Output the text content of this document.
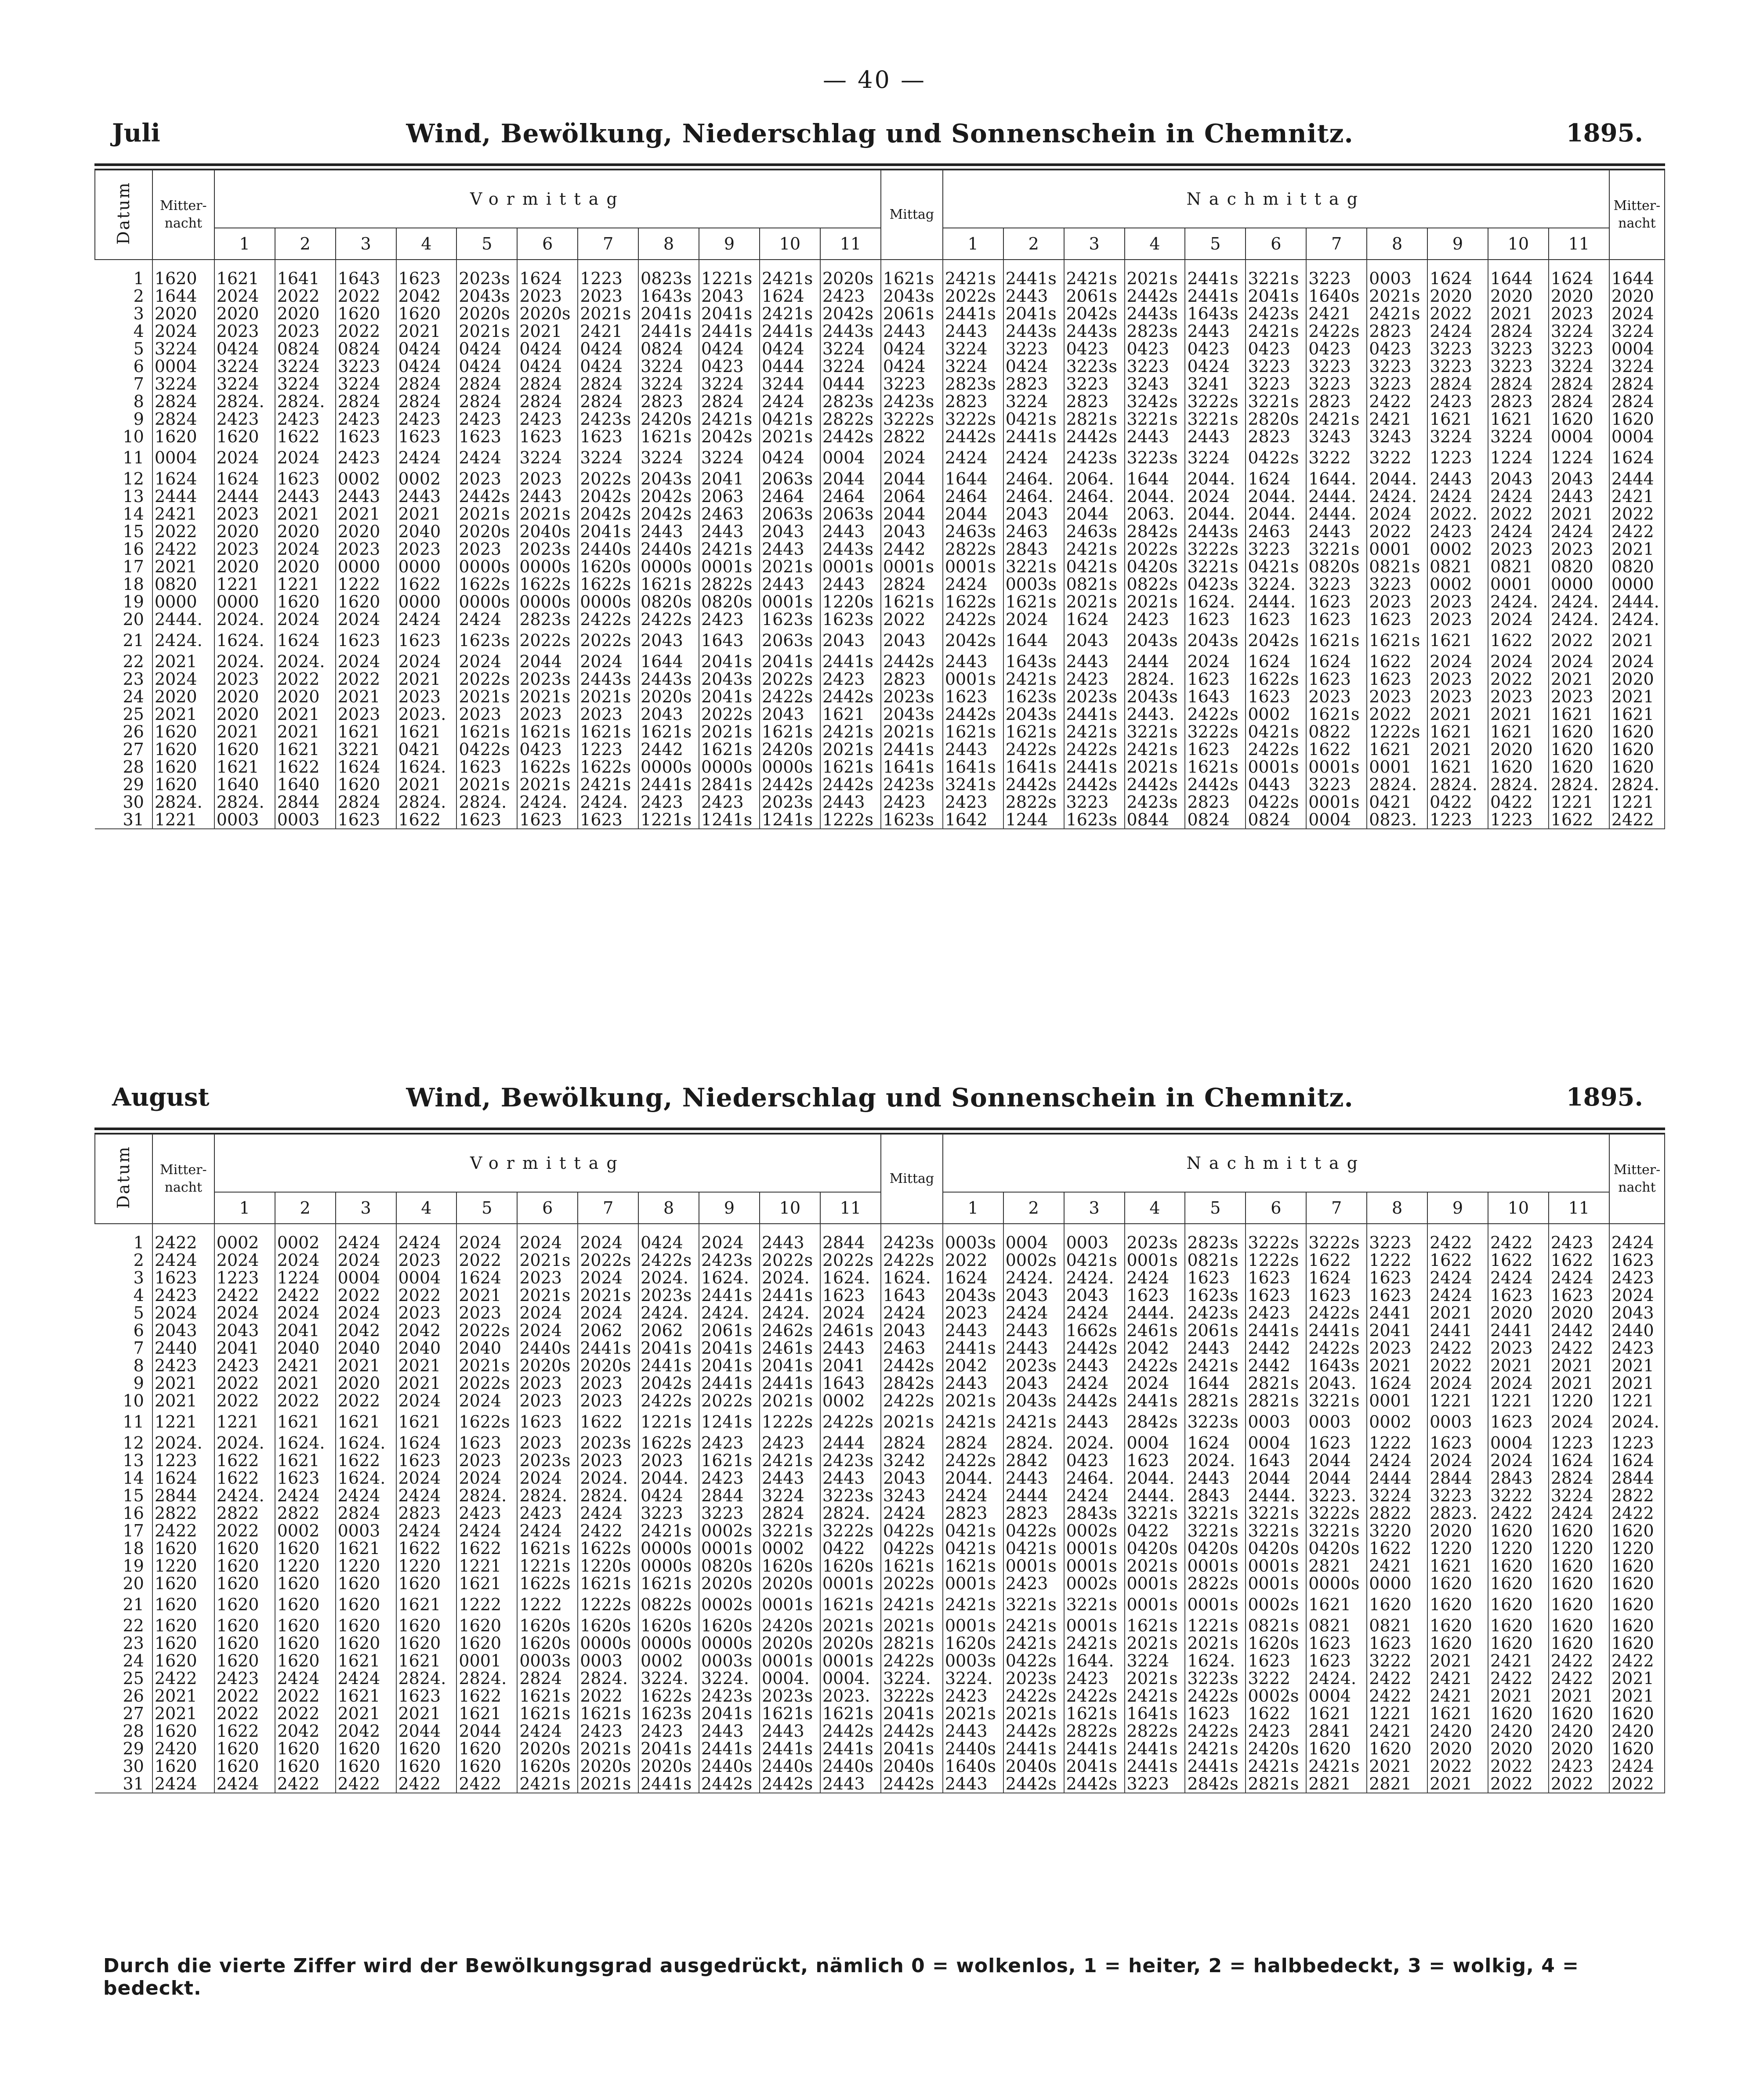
— 40 —
Juli	Wind, Bewölkung, Niederschlag und Sonnenschein in Chemnitz.	1895.
Datum	Mitter-
nacht	Vormittag											Mittag	Nachmittag											Mitter-
nacht
		1	2	3	4	5	6	7	8	9	10	11		1	2	3	4	5	6	7	8	9	10	11	
1	1620	1621	1641	1643	1623	2023s	1624	1223	0823s	1221s	2421s	2020s	1621s	2421s	2441s	2421s	2021s	2441s	3221s	3223	0003	1624	1644	1624	1644
2	1644	2024	2022	2022	2042	2043s	2023	2023	1643s	2043	1624	2423	2043s	2022s	2443	2061s	2442s	2441s	2041s	1640s	2021s	2020	2020	2020	2020
3	2020	2020	2020	1620	1620	2020s	2020s	2021s	2041s	2041s	2421s	2042s	2061s	2441s	2041s	2042s	2443s	1643s	2423s	2421	2421s	2022	2021	2023	2024
4	2024	2023	2023	2022	2021	2021s	2021	2421	2441s	2441s	2441s	2443s	2443	2443	2443s	2443s	2823s	2443	2421s	2422s	2823	2424	2824	3224	3224
5	3224	0424	0824	0824	0424	0424	0424	0424	0824	0424	0424	3224	0424	3224	3223	0423	0423	0423	0423	0423	0423	3223	3223	3223	0004
6	0004	3224	3224	3223	0424	0424	0424	0424	3224	0423	0444	3224	0424	3224	0424	3223s	3223	0424	3223	3223	3223	3223	3223	3224	3224
7	3224	3224	3224	3224	2824	2824	2824	2824	3224	3224	3244	0444	3223	2823s	2823	3223	3243	3241	3223	3223	3223	2824	2824	2824	2824
8	2824	2824.	2824.	2824	2824	2824	2824	2824	2823	2824	2424	2823s	2423s	2823	3224	2823	3242s	3222s	3221s	2823	2422	2423	2823	2824	2824
9	2824	2423	2423	2423	2423	2423	2423	2423s	2420s	2421s	0421s	2822s	3222s	3222s	0421s	2821s	3221s	3221s	2820s	2421s	2421	1621	1621	1620	1620
10	1620	1620	1622	1623	1623	1623	1623	1623	1621s	2042s	2021s	2442s	2822	2442s	2441s	2442s	2443	2443	2823	3243	3243	3224	3224	0004	0004
11	0004	2024	2024	2423	2424	2424	3224	3224	3224	3224	0424	0004	2024	2424	2424	2423s	3223s	3224	0422s	3222	3222	1223	1224	1224	1624
12	1624	1624	1623	0002	0002	2023	2023	2022s	2043s	2041	2063s	2044	2044	1644	2464.	2064.	1644	2044.	1624	1644.	2044.	2443	2043	2043	2444
13	2444	2444	2443	2443	2443	2442s	2443	2042s	2042s	2063	2464	2464	2064	2464	2464.	2464.	2044.	2024	2044.	2444.	2424.	2424	2424	2443	2421
14	2421	2023	2021	2021	2021	2021s	2021s	2042s	2042s	2463	2063s	2063s	2044	2044	2043	2044	2063.	2044.	2044.	2444.	2024	2022.	2022	2021	2022
15	2022	2020	2020	2020	2040	2020s	2040s	2041s	2443	2443	2043	2443	2043	2463s	2463	2463s	2842s	2443s	2463	2443	2022	2423	2424	2424	2422
16	2422	2023	2024	2023	2023	2023	2023s	2440s	2440s	2421s	2443	2443s	2442	2822s	2843	2421s	2022s	3222s	3223	3221s	0001	0002	2023	2023	2021
17	2021	2020	2020	0000	0000	0000s	0000s	1620s	0000s	0001s	2021s	0001s	0001s	0001s	3221s	0421s	0420s	3221s	0421s	0820s	0821s	0821	0821	0820	0820
18	0820	1221	1221	1222	1622	1622s	1622s	1622s	1621s	2822s	2443	2443	2824	2424	0003s	0821s	0822s	0423s	3224.	3223	3223	0002	0001	0000	0000
19	0000	0000	1620	1620	0000	0000s	0000s	0000s	0820s	0820s	0001s	1220s	1621s	1622s	1621s	2021s	2021s	1624.	2444.	1623	2023	2023	2424.	2424.	2444.
20	2444.	2024.	2024	2024	2424	2424	2823s	2422s	2422s	2423	1623s	1623s	2022	2422s	2024	1624	2423	1623	1623	1623	1623	2023	2024	2424.	2424.
21	2424.	1624.	1624	1623	1623	1623s	2022s	2022s	2043	1643	2063s	2043	2043	2042s	1644	2043	2043s	2043s	2042s	1621s	1621s	1621	1622	2022	2021
22	2021	2024.	2024.	2024	2024	2024	2044	2024	1644	2041s	2041s	2441s	2442s	2443	1643s	2443	2444	2024	1624	1624	1622	2024	2024	2024	2024
23	2024	2023	2022	2022	2021	2022s	2023s	2443s	2443s	2043s	2022s	2423	2823	0001s	2421s	2423	2824.	1623	1622s	1623	1623	2023	2022	2021	2020
24	2020	2020	2020	2021	2023	2021s	2021s	2021s	2020s	2041s	2422s	2442s	2023s	1623	1623s	2023s	2043s	1643	1623	2023	2023	2023	2023	2023	2021
25	2021	2020	2021	2023	2023.	2023	2023	2023	2043	2022s	2043	1621	2043s	2442s	2043s	2441s	2443.	2422s	0002	1621s	2022	2021	2021	1621	1621
26	1620	2021	2021	1621	1621	1621s	1621s	1621s	1621s	2021s	1621s	2421s	2021s	1621s	1621s	2421s	3221s	3222s	0421s	0822	1222s	1621	1621	1620	1620
27	1620	1620	1621	3221	0421	0422s	0423	1223	2442	1621s	2420s	2021s	2441s	2443	2422s	2422s	2421s	1623	2422s	1622	1621	2021	2020	1620	1620
28	1620	1621	1622	1624	1624.	1623	1622s	1622s	0000s	0000s	0000s	1621s	1641s	1641s	1641s	2441s	2021s	1621s	0001s	0001s	0001	1621	1620	1620	1620
29	1620	1640	1640	1620	2021	2021s	2021s	2421s	2441s	2841s	2442s	2442s	2423s	3241s	2442s	2442s	2442s	2442s	0443	3223	2824.	2824.	2824.	2824.	2824.
30	2824.	2824.	2844	2824	2824.	2824.	2424.	2424.	2423	2423	2023s	2443	2423	2423	2822s	3223	2423s	2823	0422s	0001s	0421	0422	0422	1221	1221
31	1221	0003	0003	1623	1622	1623	1623	1623	1221s	1241s	1241s	1222s	1623s	1642	1244	1623s	0844	0824	0824	0004	0823.	1223	1223	1622	2422
August	Wind, Bewölkung, Niederschlag und Sonnenschein in Chemnitz.	1895.
Datum	Mitter-
nacht	Vormittag											Mittag	Nachmittag											Mitter-
nacht
		1	2	3	4	5	6	7	8	9	10	11		1	2	3	4	5	6	7	8	9	10	11	
1	2422	0002	0002	2424	2424	2024	2024	2024	0424	2024	2443	2844	2423s	0003s	0004	0003	2023s	2823s	3222s	3222s	3223	2422	2422	2423	2424
2	2424	2024	2024	2024	2023	2022	2021s	2022s	2422s	2423s	2022s	2022s	2422s	2022	0002s	0421s	0001s	0821s	1222s	1622	1222	1622	1622	1622	1623
3	1623	1223	1224	0004	0004	1624	2023	2024	2024.	1624.	2024.	1624.	1624.	1624	2424.	2424.	2424	1623	1623	1624	1623	2424	2424	2424	2423
4	2423	2422	2422	2022	2022	2021	2021s	2021s	2023s	2441s	2441s	1623	1643	2043s	2043	2043	1623	1623s	1623	1623	1623	2424	1623	1623	2024
5	2024	2024	2024	2024	2023	2023	2024	2024	2424.	2424.	2424.	2024	2424	2023	2424	2424	2444.	2423s	2423	2422s	2441	2021	2020	2020	2043
6	2043	2043	2041	2042	2042	2022s	2024	2062	2062	2061s	2462s	2461s	2043	2443	2443	1662s	2461s	2061s	2441s	2441s	2041	2441	2441	2442	2440
7	2440	2041	2040	2040	2040	2040	2440s	2441s	2041s	2041s	2461s	2443	2463	2441s	2443	2442s	2042	2443	2442	2422s	2023	2422	2023	2422	2423
8	2423	2423	2421	2021	2021	2021s	2020s	2020s	2441s	2041s	2041s	2041	2442s	2042	2023s	2443	2422s	2421s	2442	1643s	2021	2022	2021	2021	2021
9	2021	2022	2021	2020	2021	2022s	2023	2023	2042s	2441s	2441s	1643	2842s	2443	2043	2424	2024	1644	2821s	2043.	1624	2024	2024	2021	2021
10	2021	2022	2022	2022	2024	2024	2023	2023	2422s	2022s	2021s	0002	2422s	2021s	2043s	2442s	2441s	2821s	2821s	3221s	0001	1221	1221	1220	1221
11	1221	1221	1621	1621	1621	1622s	1623	1622	1221s	1241s	1222s	2422s	2021s	2421s	2421s	2443	2842s	3223s	0003	0003	0002	0003	1623	2024	2024.
12	2024.	2024.	1624.	1624.	1624	1623	2023	2023s	1622s	2423	2423	2444	2824	2824	2824.	2024.	0004	1624	0004	1623	1222	1623	0004	1223	1223
13	1223	1622	1621	1622	1623	2023	2023s	2023	2023	1621s	2421s	2423s	3242	2422s	2842	0423	1623	2024.	1643	2044	2424	2024	2024	1624	1624
14	1624	1622	1623	1624.	2024	2024	2024	2024.	2044.	2423	2443	2443	2043	2044.	2443	2464.	2044.	2443	2044	2044	2444	2844	2843	2824	2844
15	2844	2424.	2424	2424	2424	2824.	2824.	2824.	0424	2844	3224	3223s	3243	2424	2444	2424	2444.	2843	2444.	3223.	3224	3223	3222	3224	2822
16	2822	2822	2822	2824	2823	2423	2423	2424	3223	3223	2824	2824.	2424	2823	2823	2843s	3221s	3221s	3221s	3222s	2822	2823.	2422	2424	2422
17	2422	2022	0002	0003	2424	2424	2424	2422	2421s	0002s	3221s	3222s	0422s	0421s	0422s	0002s	0422	3221s	3221s	3221s	3220	2020	1620	1620	1620
18	1620	1620	1620	1621	1622	1622	1621s	1622s	0000s	0001s	0002	0422	0422s	0421s	0421s	0001s	0420s	0420s	0420s	0420s	1622	1220	1220	1220	1220
19	1220	1620	1220	1220	1220	1221	1221s	1220s	0000s	0820s	1620s	1620s	1621s	1621s	0001s	0001s	2021s	0001s	0001s	2821	2421	1621	1620	1620	1620
20	1620	1620	1620	1620	1620	1621	1622s	1621s	1621s	2020s	2020s	0001s	2022s	0001s	2423	0002s	0001s	2822s	0001s	0000s	0000	1620	1620	1620	1620
21	1620	1620	1620	1620	1621	1222	1222	1222s	0822s	0002s	0001s	1621s	2421s	2421s	3221s	3221s	0001s	0001s	0002s	1621	1620	1620	1620	1620	1620
22	1620	1620	1620	1620	1620	1620	1620s	1620s	1620s	1620s	2420s	2021s	2021s	0001s	2421s	0001s	1621s	1221s	0821s	0821	0821	1620	1620	1620	1620
23	1620	1620	1620	1620	1620	1620	1620s	0000s	0000s	0000s	2020s	2020s	2821s	1620s	2421s	2421s	2021s	2021s	1620s	1623	1623	1620	1620	1620	1620
24	1620	1620	1620	1621	1621	0001	0003s	0003	0002	0003s	0001s	0001s	2422s	0003s	0422s	1644.	3224	1624.	1623	1623	3222	2021	2421	2422	2422
25	2422	2423	2424	2424	2824.	2824.	2824	2824.	3224.	3224.	0004.	0004.	3224.	3224.	2023s	2423	2021s	3223s	3222	2424.	2422	2421	2422	2422	2021
26	2021	2022	2022	1621	1623	1622	1621s	2022	1622s	2423s	2023s	2023.	3222s	2423	2422s	2422s	2421s	2422s	0002s	0004	2422	2421	2021	2021	2021
27	2021	2022	2022	2021	2021	1621	1621s	1621s	1623s	2041s	1621s	1621s	2041s	2021s	2021s	1621s	1641s	1623	1622	1621	1221	1621	1620	1620	1620
28	1620	1622	2042	2042	2044	2044	2424	2423	2423	2443	2443	2442s	2442s	2443	2442s	2822s	2822s	2422s	2423	2841	2421	2420	2420	2420	2420
29	2420	1620	1620	1620	1620	1620	2020s	2021s	2041s	2441s	2441s	2441s	2041s	2440s	2441s	2441s	2441s	2421s	2420s	1620	1620	2020	2020	2020	1620
30	1620	1620	1620	1620	1620	1620	1620s	2020s	2020s	2440s	2440s	2440s	2040s	1640s	2040s	2041s	2441s	2441s	2421s	2421s	2021	2022	2022	2423	2424
31	2424	2424	2422	2422	2422	2422	2421s	2021s	2441s	2442s	2442s	2443	2442s	2443	2442s	2442s	3223	2842s	2821s	2821	2821	2021	2022	2022	2022
Durch die vierte Ziffer wird der Bewölkungsgrad ausgedrückt, nämlich 0 = wolkenlos, 1 = heiter, 2 = halbbedeckt, 3 = wolkig, 4 = bedeckt.
